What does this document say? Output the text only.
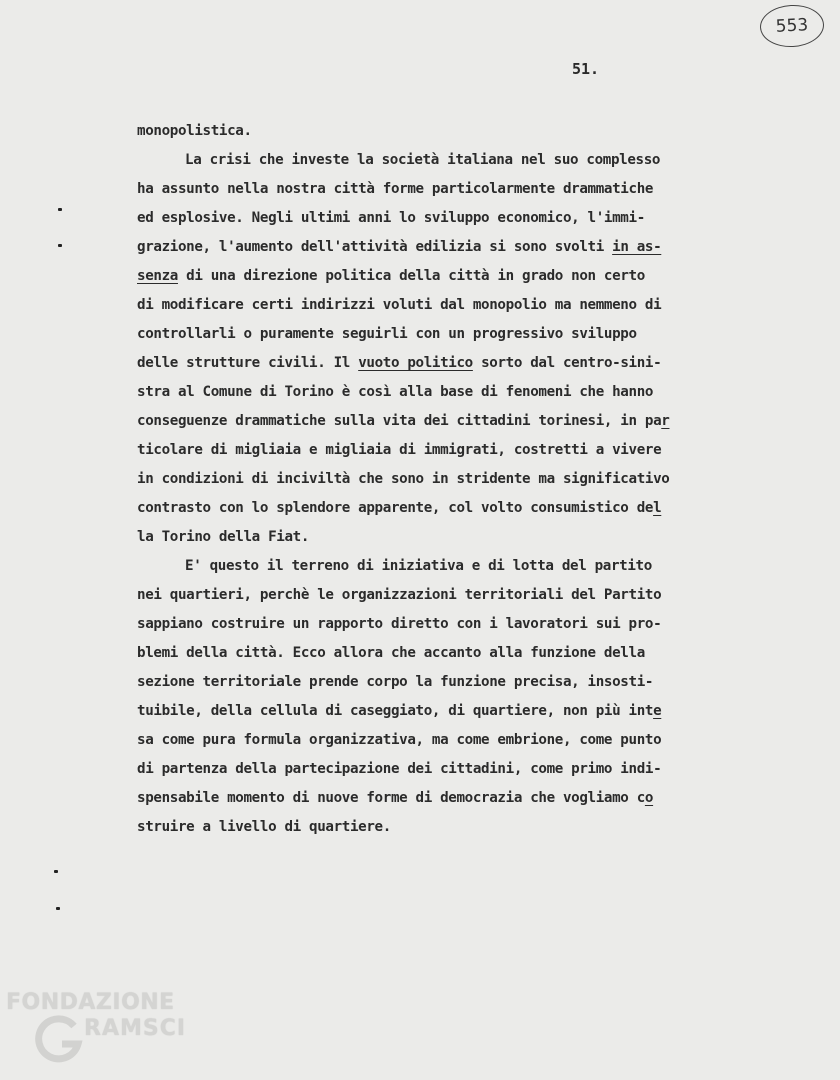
553
51.
monopolistica.
La crisi che investe la società italiana nel suo complesso
ha assunto nella nostra città forme particolarmente drammatiche
ed esplosive. Negli ultimi anni lo sviluppo economico, l'immi-
grazione, l'aumento dell'attività edilizia si sono svolti in as-
senza di una direzione politica della città in grado non certo
di modificare certi indirizzi voluti dal monopolio ma nemmeno di
controllarli o puramente seguirli con un progressivo sviluppo
delle strutture civili. Il vuoto politico sorto dal centro-sini-
stra al Comune di Torino è così alla base di fenomeni che hanno
conseguenze drammatiche sulla vita dei cittadini torinesi, in par
ticolare di migliaia e migliaia di immigrati, costretti a vivere
in condizioni di inciviltà che sono in stridente ma significativo
contrasto con lo splendore apparente, col volto consumistico del
la Torino della Fiat.
E' questo il terreno di iniziativa e di lotta del partito
nei quartieri, perchè le organizzazioni territoriali del Partito
sappiano costruire un rapporto diretto con i lavoratori sui pro-
blemi della città. Ecco allora che accanto alla funzione della
sezione territoriale prende corpo la funzione precisa, insosti-
tuibile, della cellula di caseggiato, di quartiere, non più inte
sa come pura formula organizzativa, ma come embrione, come punto
di partenza della partecipazione dei cittadini, come primo indi-
spensabile momento di nuove forme di democrazia che vogliamo co
struire a livello di quartiere.
FONDAZIONE
RAMSCI
